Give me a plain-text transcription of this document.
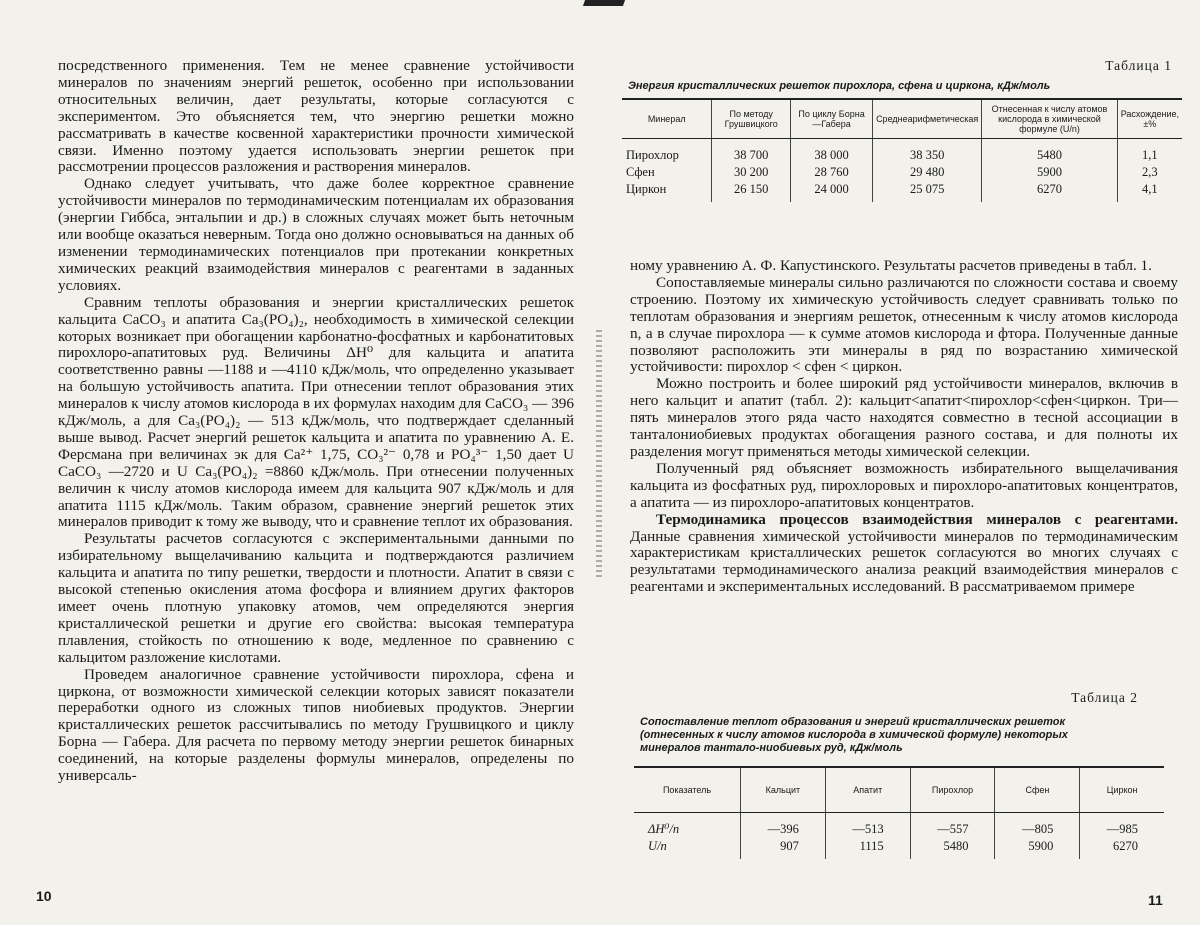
посредственного применения. Тем не менее сравнение устойчивости минералов по значениям энергий решеток, особенно при использовании относительных величин, дает результаты, которые согласуются с экспериментом. Это объясняется тем, что энергию решетки можно рассматривать в качестве косвенной характеристики прочности химической связи. Именно поэтому удается использовать энергии решеток при рассмотрении процессов разложения и растворения минералов.

Однако следует учитывать, что даже более корректное сравнение устойчивости минералов по термодинамическим потенциалам их образования (энергии Гиббса, энтальпии и др.) в сложных случаях может быть неточным или вообще оказаться неверным. Тогда оно должно основываться на данных об изменении термодинамических потенциалов при протекании конкретных химических реакций взаимодействия минералов с реагентами в заданных условиях.

Сравним теплоты образования и энергии кристаллических решеток кальцита CaCO₃ и апатита Ca₃(PO₄)₂, необходимость в химической селекции которых возникает при обогащении карбонатно-фосфатных и карбонатитовых пирохлоро-апатитовых руд. Величины ΔH⁰ для кальцита и апатита соответственно равны —1188 и —4110 кДж/моль, что определенно указывает на большую устойчивость апатита. При отнесении теплот образования этих минералов к числу атомов кислорода в их формулах находим для CaCO₃ — 396 кДж/моль, а для Ca₃(PO₄)₂ — 513 кДж/моль, что подтверждает сделанный выше вывод. Расчет энергий решеток кальцита и апатита по уравнению А. Е. Ферсмана при величинах эк для Ca²⁺ 1,75, CO₃²⁻ 0,78 и PO₄³⁻ 1,50 дает U CaCO₃ —2720 и U Ca₃(PO₄)₂ =8860 кДж/моль. При отнесении полученных величин к числу атомов кислорода имеем для кальцита 907 кДж/моль и для апатита 1115 кДж/моль. Таким образом, сравнение энергий решеток этих минералов приводит к тому же выводу, что и сравнение теплот их образования.

Результаты расчетов согласуются с экспериментальными данными по избирательному выщелачиванию кальцита и подтверждаются различием кальцита и апатита по типу решетки, твердости и плотности. Апатит в связи с высокой степенью окисления атома фосфора и влиянием других факторов имеет очень плотную упаковку атомов, чем определяются энергия кристаллической решетки и другие его свойства: высокая температура плавления, стойкость по отношению к воде, медленное по сравнению с кальцитом разложение кислотами.

Проведем аналогичное сравнение устойчивости пирохлора, сфена и циркона, от возможности химической селекции которых зависят показатели переработки одного из сложных типов ниобиевых продуктов. Энергии кристаллических решеток рассчитывались по методу Грушвицкого и циклу Борна — Габера. Для расчета по первому методу энергии решеток бинарных соединений, на которые разделены формулы минералов, определены по универсаль-

10
Таблица 1
Энергия кристаллических решеток пирохлора, сфена и циркона, кДж/моль
Минерал	По методу Грушвицкого	По циклу Борна—Габера	Среднеарифметическая	Отнесенная к числу атомов кислорода в химической формуле (U/n)	Расхождение, ±%
Пирохлор	38 700	38 000	38 350	5480	1,1
Сфен	30 200	28 760	29 480	5900	2,3
Циркон	26 150	24 000	25 075	6270	4,1

ному уравнению А. Ф. Капустинского. Результаты расчетов приведены в табл. 1.

Сопоставляемые минералы сильно различаются по сложности состава и своему строению. Поэтому их химическую устойчивость следует сравнивать только по теплотам образования и энергиям решеток, отнесенным к числу атомов кислорода n, а в случае пирохлора — к сумме атомов кислорода и фтора. Полученные данные позволяют расположить эти минералы в ряд по возрастанию химической устойчивости: пирохлор < сфен < циркон.

Можно построить и более широкий ряд устойчивости минералов, включив в него кальцит и апатит (табл. 2): кальцит<апатит<пирохлор<сфен<циркон. Три—пять минералов этого ряда часто находятся совместно в тесной ассоциации в танталониобиевых продуктах обогащения разного состава, и для полноты их разделения могут применяться методы химической селекции.

Полученный ряд объясняет возможность избирательного выщелачивания кальцита из фосфатных руд, пирохлоровых и пирохлоро-апатитовых концентратов, а апатита — из пирохлоро-апатитовых концентратов.

Термодинамика процессов взаимодействия минералов с реагентами. Данные сравнения химической устойчивости минералов по термодинамическим характеристикам кристаллических решеток согласуются во многих случаях с результатами термодинамического анализа реакций взаимодействия минералов с реагентами и экспериментальных исследований. В рассматриваемом примере

Таблица 2
Сопоставление теплот образования и энергий кристаллических решеток (отнесенных к числу атомов кислорода в химической формуле) некоторых минералов тантало-ниобиевых руд, кДж/моль
Показатель	Кальцит	Апатит	Пирохлор	Сфен	Циркон
ΔH⁰/n	—396	—513	—557	—805	—985
U/n	907	1115	5480	5900	6270
11
